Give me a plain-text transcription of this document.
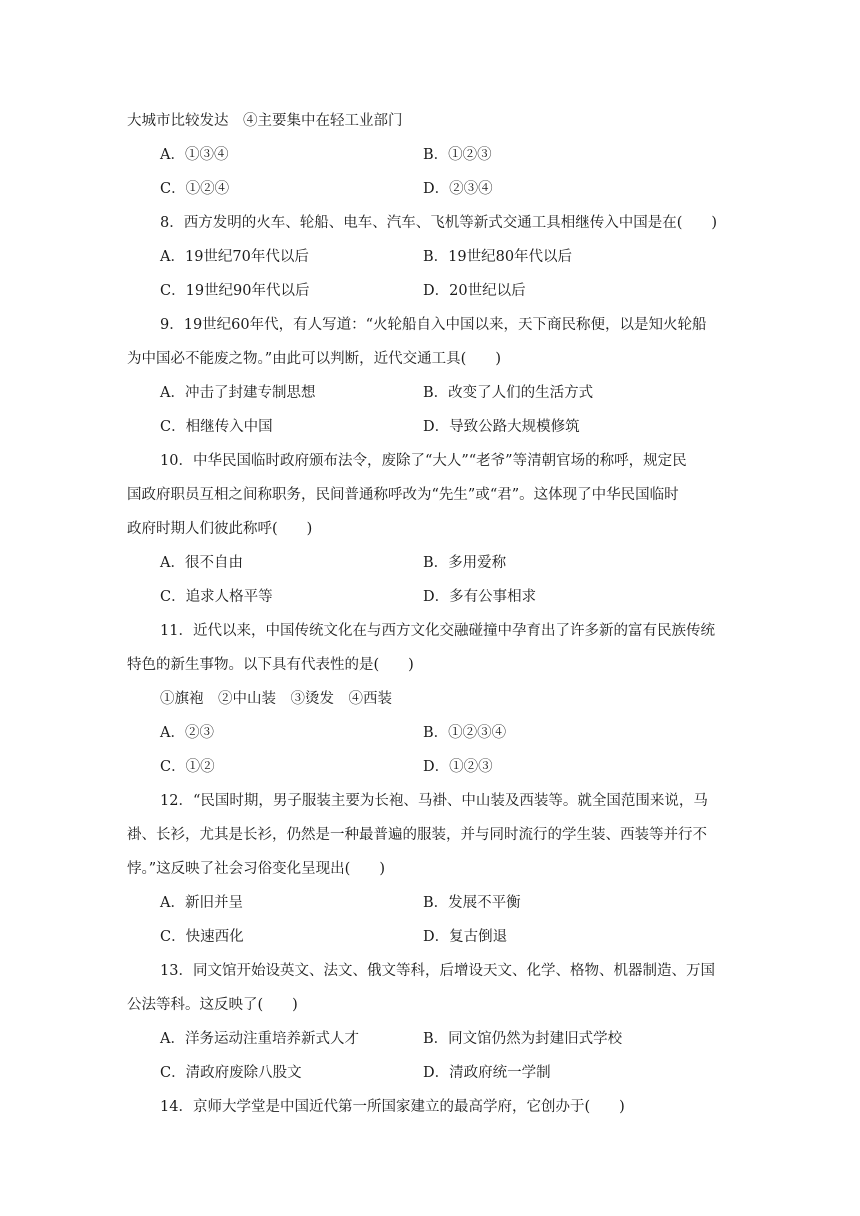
大城市比较发达　④主要集中在轻工业部门
A．①③④	B．①②③
C．①②④	D．②③④
8．西方发明的火车、轮船、电车、汽车、飞机等新式交通工具相继传入中国是在(　　)
A．19世纪70年代以后	B．19世纪80年代以后
C．19世纪90年代以后	D．20世纪以后
9．19世纪60年代，有人写道：“火轮船自入中国以来，天下商民称便，以是知火轮船
为中国必不能废之物。”由此可以判断，近代交通工具(　　)
A．冲击了封建专制思想	B．改变了人们的生活方式
C．相继传入中国	D．导致公路大规模修筑
10．中华民国临时政府颁布法令，废除了“大人”“老爷”等清朝官场的称呼，规定民
国政府职员互相之间称职务，民间普通称呼改为“先生”或“君”。这体现了中华民国临时
政府时期人们彼此称呼(　　)
A．很不自由	B．多用爱称
C．追求人格平等	D．多有公事相求
11．近代以来，中国传统文化在与西方文化交融碰撞中孕育出了许多新的富有民族传统
特色的新生事物。以下具有代表性的是(　　)
①旗袍　②中山装　③烫发　④西装
A．②③	B．①②③④
C．①②	D．①②③
12．“民国时期，男子服装主要为长袍、马褂、中山装及西装等。就全国范围来说，马
褂、长衫，尤其是长衫，仍然是一种最普遍的服装，并与同时流行的学生装、西装等并行不
悖。”这反映了社会习俗变化呈现出(　　)
A．新旧并呈	B．发展不平衡
C．快速西化	D．复古倒退
13．同文馆开始设英文、法文、俄文等科，后增设天文、化学、格物、机器制造、万国
公法等科。这反映了(　　)
A．洋务运动注重培养新式人才	B．同文馆仍然为封建旧式学校
C．清政府废除八股文	D．清政府统一学制
14．京师大学堂是中国近代第一所国家建立的最高学府，它创办于(　　)
